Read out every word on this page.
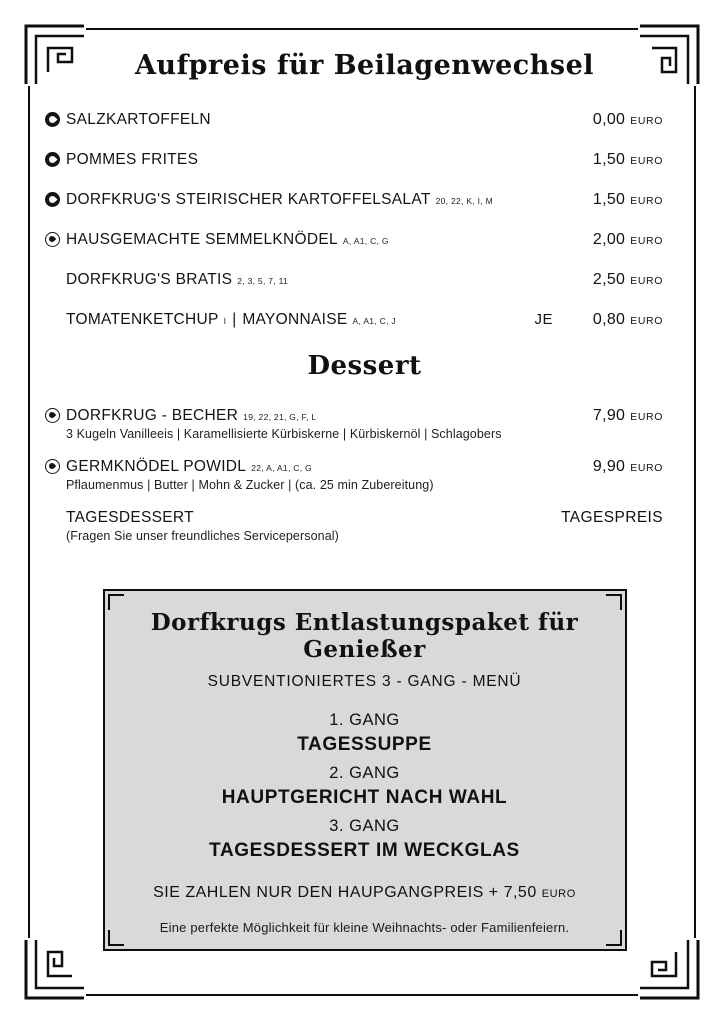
Aufpreis für Beilagenwechsel
SALZKARTOFFELN	0,00 EURO
POMMES FRITES	1,50 EURO
DORFKRUG'S STEIRISCHER KARTOFFELSALAT 20, 22, K, I, M	1,50 EURO
HAUSGEMACHTE SEMMELKNÖDEL A, A1, C, G	2,00 EURO
DORFKRUG'S BRATIS 2, 3, 5, 7, 11	2,50 EURO
TOMATENKETCHUP I | MAYONNAISE A, A1, C, J	JE 0,80 EURO
Dessert
DORFKRUG - BECHER 19, 22, 21, G, F, L	7,90 EURO
3 Kugeln Vanilleeis | Karamellisierte Kürbiskerne | Kürbiskernöl | Schlagobers
GERMKNÖDEL POWIDL 22, A, A1, C, G	9,90 EURO
Pflaumenmus | Butter | Mohn & Zucker | (ca. 25 min Zubereitung)
TAGESDESSERT	TAGESPREIS
(Fragen Sie unser freundliches Servicepersonal)
Dorfkrugs Entlastungspaket für Genießer
SUBVENTIONIERTES 3 - GANG - MENÜ
1. GANG
TAGESSUPPE
2. GANG
HAUPTGERICHT NACH WAHL
3. GANG
TAGESDESSERT IM WECKGLAS
SIE ZAHLEN NUR DEN HAUPGANGPREIS + 7,50 EURO
Eine perfekte Möglichkeit für kleine Weihnachts- oder Familienfeiern.
